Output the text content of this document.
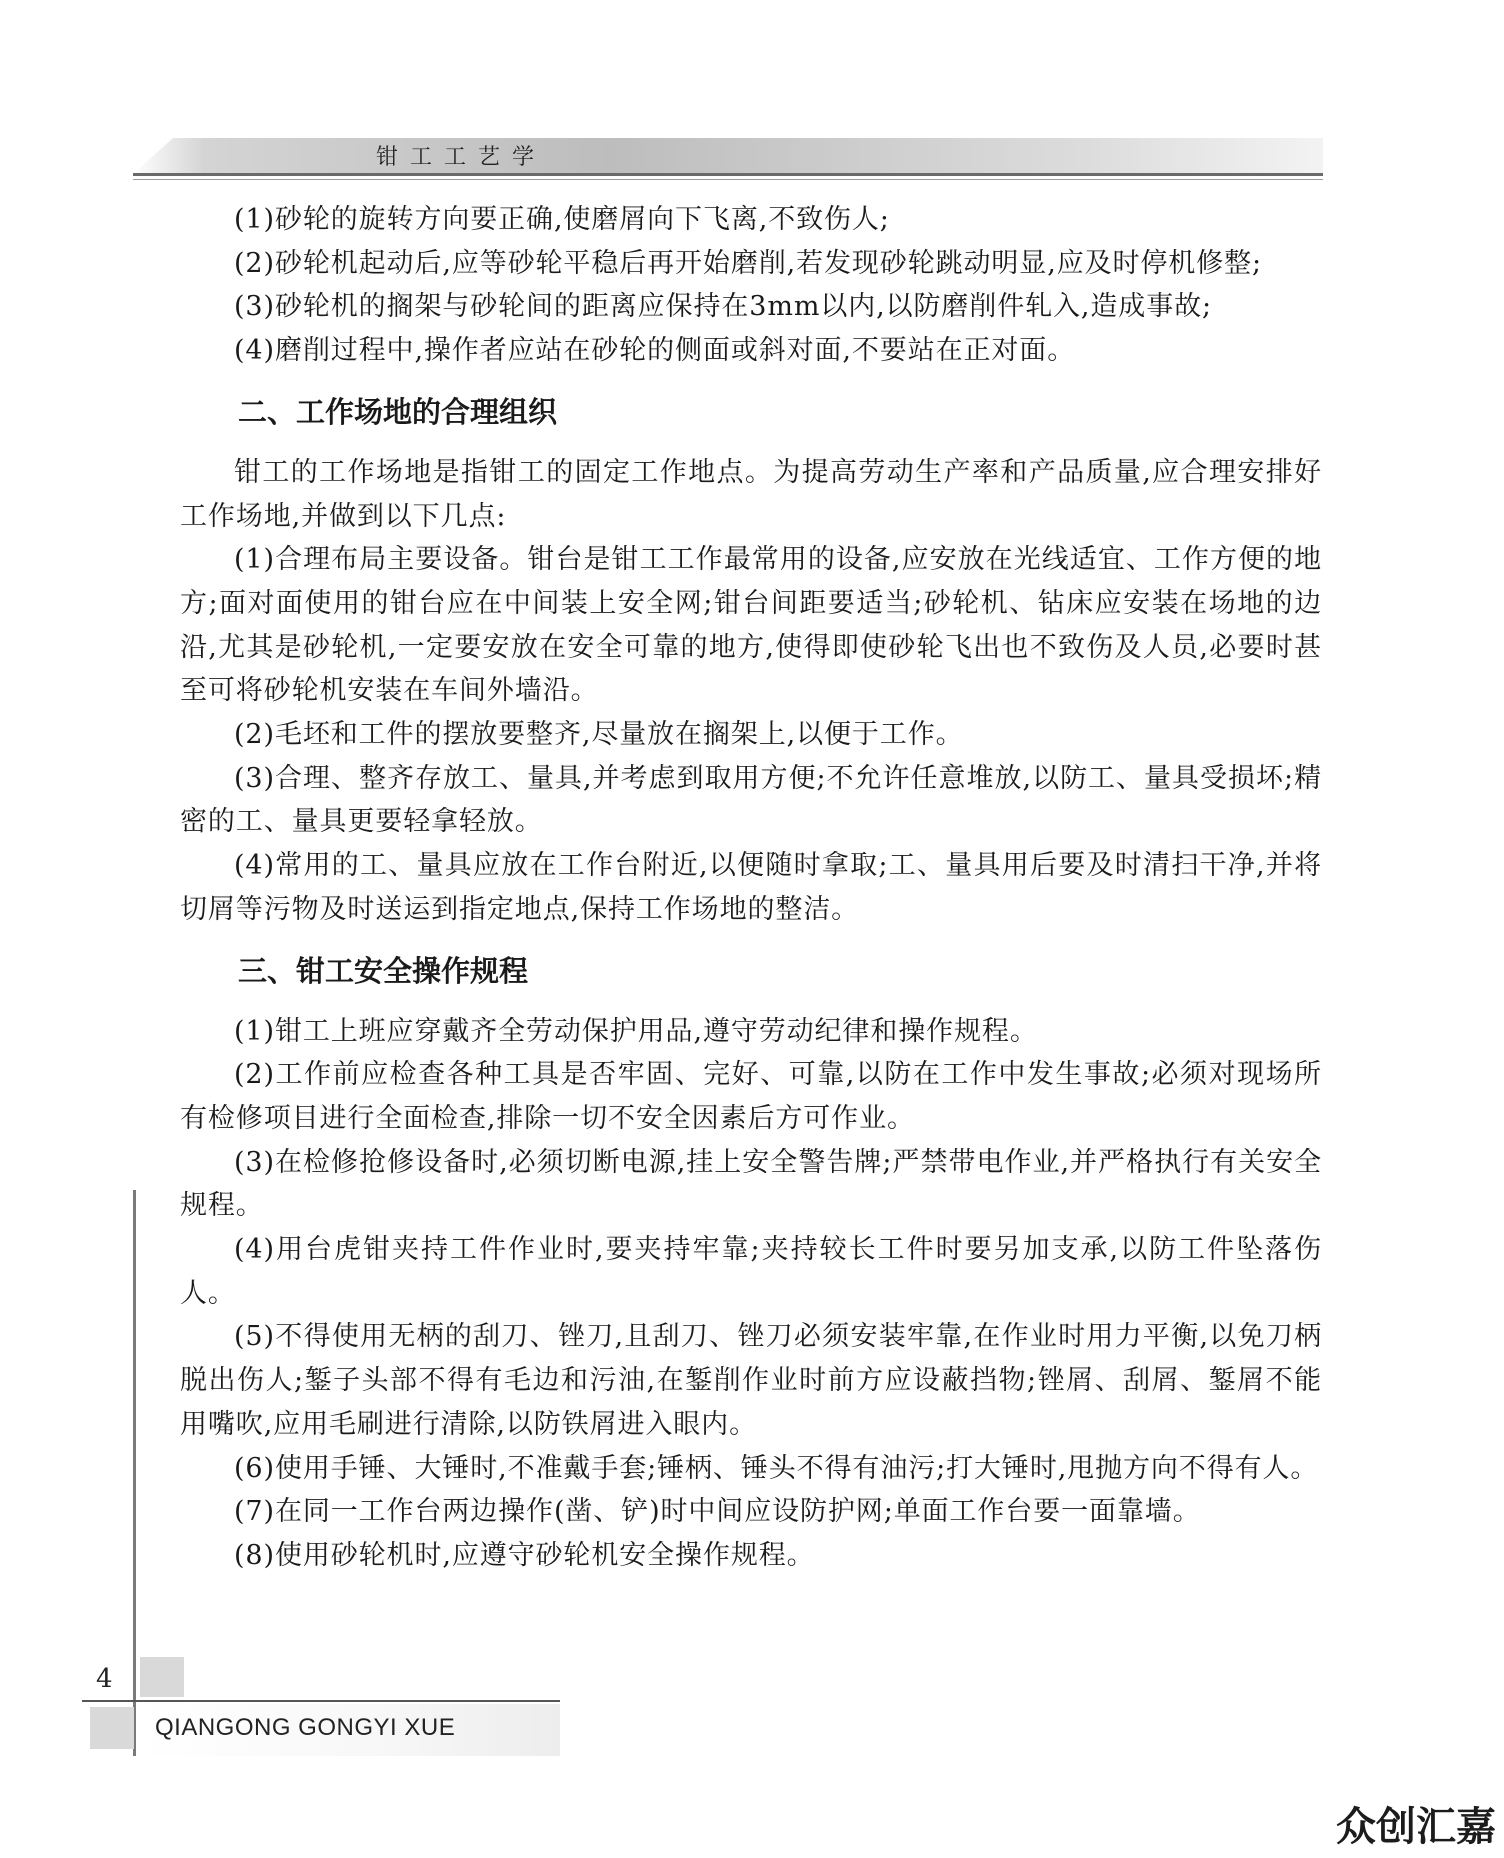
钳工工艺学

(1)砂轮的旋转方向要正确,使磨屑向下飞离,不致伤人;

(2)砂轮机起动后,应等砂轮平稳后再开始磨削,若发现砂轮跳动明显,应及时停机修整;

(3)砂轮机的搁架与砂轮间的距离应保持在3mm以内,以防磨削件轧入,造成事故;

(4)磨削过程中,操作者应站在砂轮的侧面或斜对面,不要站在正对面。

二、工作场地的合理组织

钳工的工作场地是指钳工的固定工作地点。为提高劳动生产率和产品质量,应合理安排好工作场地,并做到以下几点:

(1)合理布局主要设备。钳台是钳工工作最常用的设备,应安放在光线适宜、工作方便的地方;面对面使用的钳台应在中间装上安全网;钳台间距要适当;砂轮机、钻床应安装在场地的边沿,尤其是砂轮机,一定要安放在安全可靠的地方,使得即使砂轮飞出也不致伤及人员,必要时甚至可将砂轮机安装在车间外墙沿。

(2)毛坯和工件的摆放要整齐,尽量放在搁架上,以便于工作。

(3)合理、整齐存放工、量具,并考虑到取用方便;不允许任意堆放,以防工、量具受损坏;精密的工、量具更要轻拿轻放。

(4)常用的工、量具应放在工作台附近,以便随时拿取;工、量具用后要及时清扫干净,并将切屑等污物及时送运到指定地点,保持工作场地的整洁。

三、钳工安全操作规程

(1)钳工上班应穿戴齐全劳动保护用品,遵守劳动纪律和操作规程。

(2)工作前应检查各种工具是否牢固、完好、可靠,以防在工作中发生事故;必须对现场所有检修项目进行全面检查,排除一切不安全因素后方可作业。

(3)在检修抢修设备时,必须切断电源,挂上安全警告牌;严禁带电作业,并严格执行有关安全规程。

(4)用台虎钳夹持工件作业时,要夹持牢靠;夹持较长工件时要另加支承,以防工件坠落伤人。

(5)不得使用无柄的刮刀、锉刀,且刮刀、锉刀必须安装牢靠,在作业时用力平衡,以免刀柄脱出伤人;錾子头部不得有毛边和污油,在錾削作业时前方应设蔽挡物;锉屑、刮屑、錾屑不能用嘴吹,应用毛刷进行清除,以防铁屑进入眼内。

(6)使用手锤、大锤时,不准戴手套;锤柄、锤头不得有油污;打大锤时,甩抛方向不得有人。

(7)在同一工作台两边操作(凿、铲)时中间应设防护网;单面工作台要一面靠墙。

(8)使用砂轮机时,应遵守砂轮机安全操作规程。

4

QIANGONG GONGYI XUE

众创汇嘉
